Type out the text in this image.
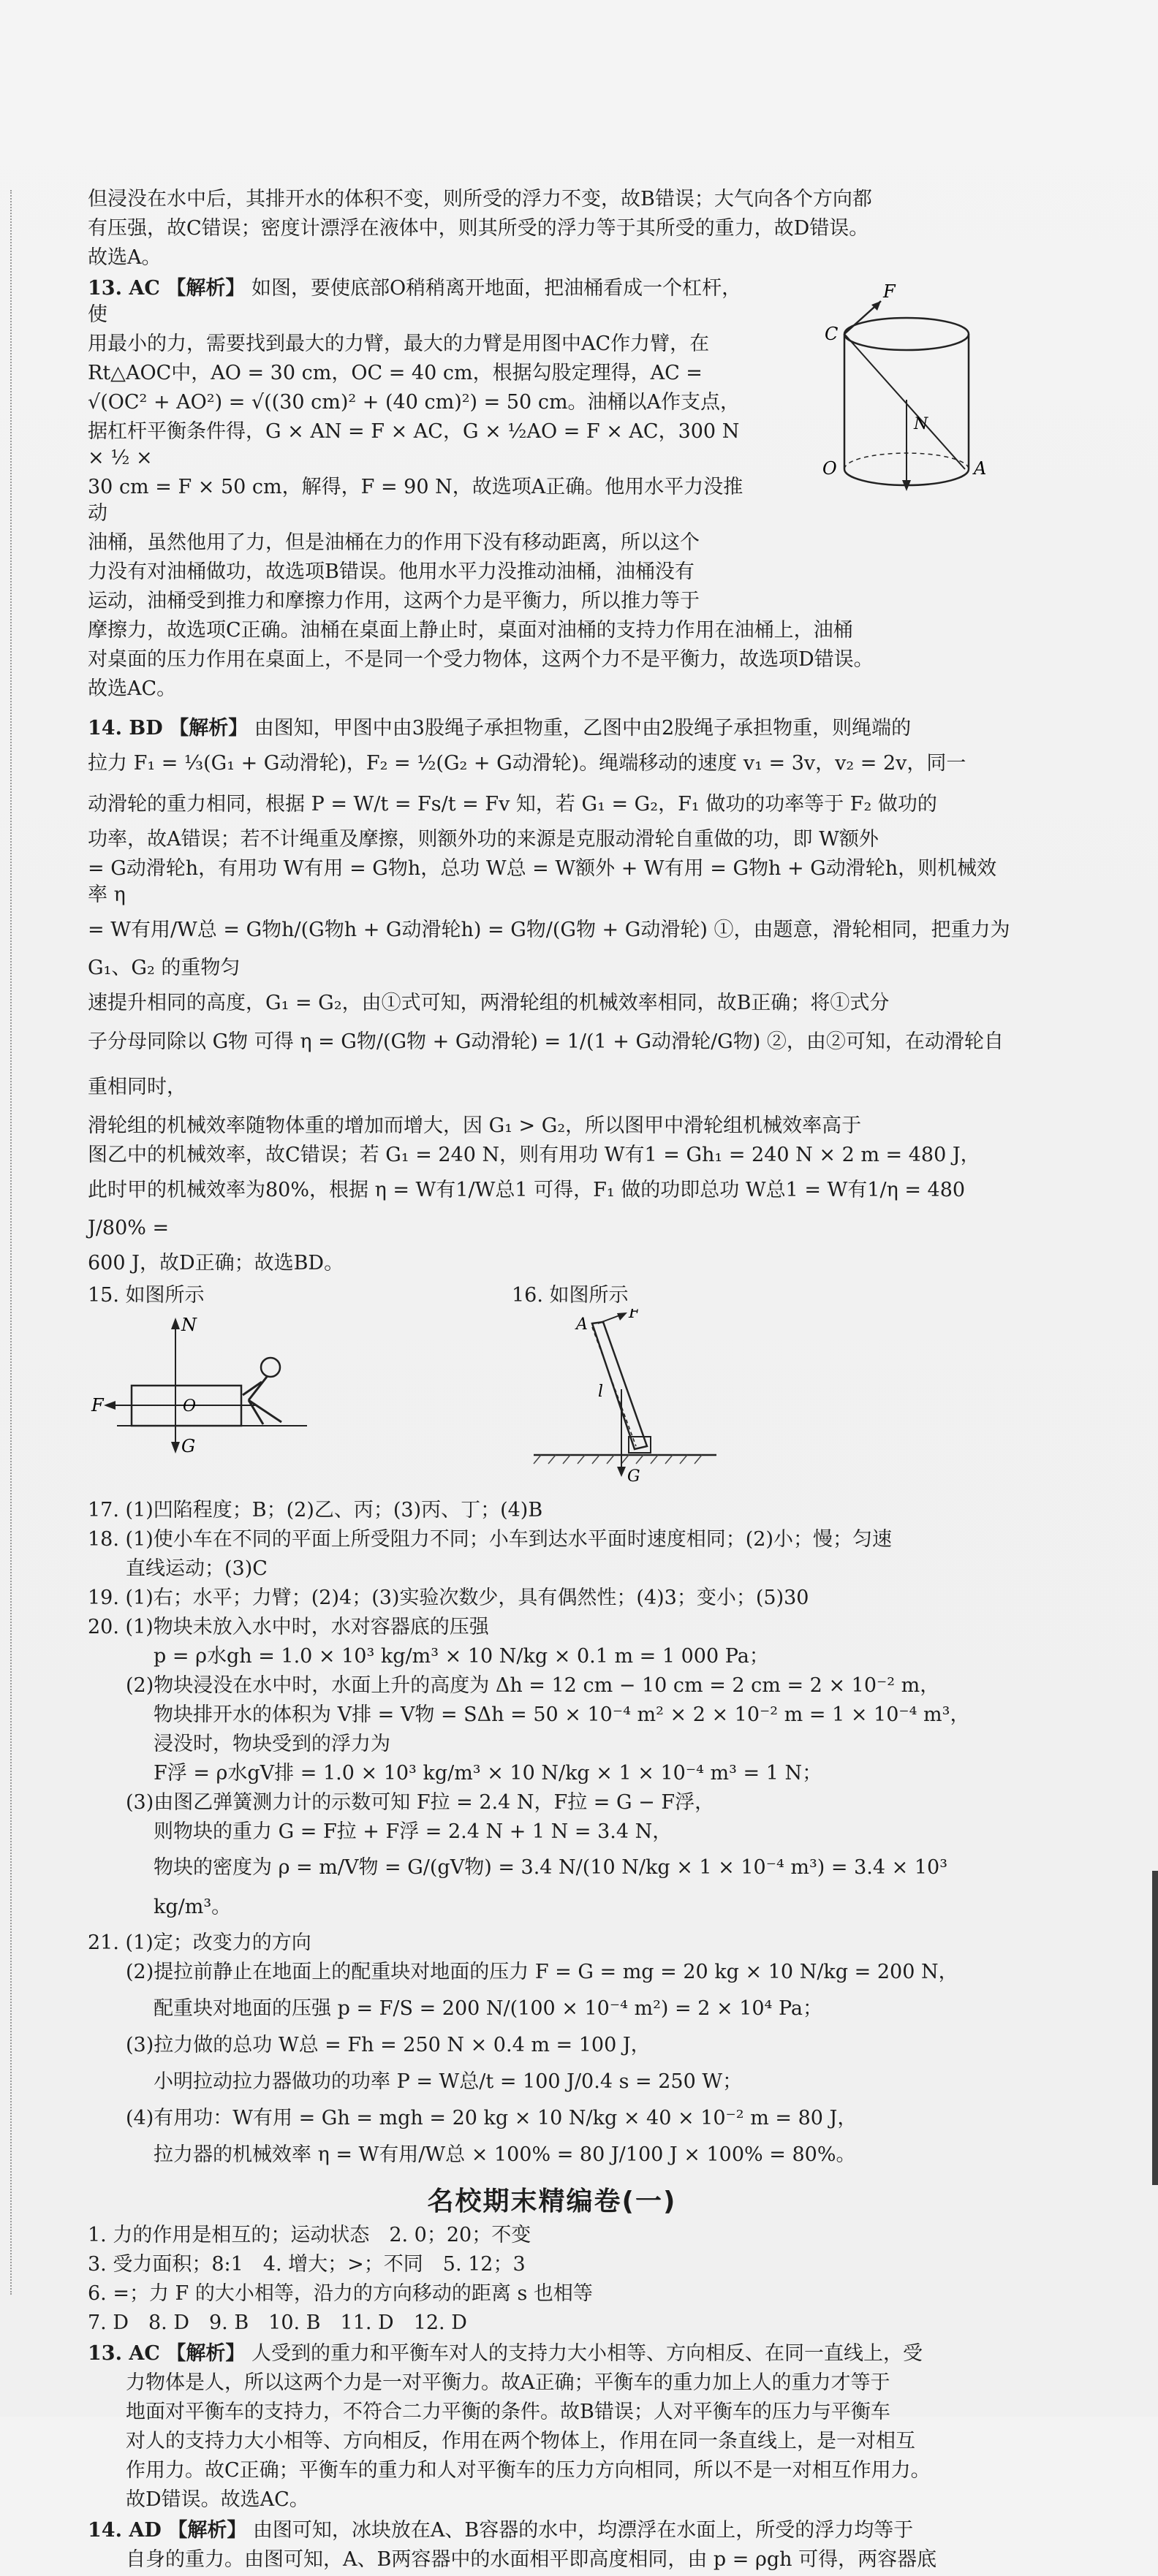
但浸没在水中后，其排开水的体积不变，则所受的浮力不变，故B错误；大气向各个方向都

有压强，故C错误；密度计漂浮在液体中，则其所受的浮力等于其所受的重力，故D错误。

故选A。

13. AC 【解析】 如图，要使底部O稍稍离开地面，把油桶看成一个杠杆，使

用最小的力，需要找到最大的力臂，最大的力臂是用图中AC作力臂，在

Rt△AOC中，AO = 30 cm，OC = 40 cm，根据勾股定理得，AC =

√(OC² + AO²) = √((30 cm)² + (40 cm)²) = 50 cm。油桶以A作支点，

据杠杆平衡条件得，G × AN = F × AC，G × ½AO = F × AC，300 N × ½ ×

30 cm = F × 50 cm，解得，F = 90 N，故选项A正确。他用水平力没推动

油桶，虽然他用了力，但是油桶在力的作用下没有移动距离，所以这个

力没有对油桶做功，故选项B错误。他用水平力没推动油桶，油桶没有

运动，油桶受到推力和摩擦力作用，这两个力是平衡力，所以推力等于

F
C
N
O	A

摩擦力，故选项C正确。油桶在桌面上静止时，桌面对油桶的支持力作用在油桶上，油桶

对桌面的压力作用在桌面上，不是同一个受力物体，这两个力不是平衡力，故选项D错误。

故选AC。

14. BD 【解析】 由图知，甲图中由3股绳子承担物重，乙图中由2股绳子承担物重，则绳端的

拉力 F₁ = ⅓(G₁ + G动滑轮)，F₂ = ½(G₂ + G动滑轮)。绳端移动的速度 v₁ = 3v，v₂ = 2v，同一

动滑轮的重力相同，根据 P = W/t = Fs/t = Fv 知，若 G₁ = G₂，F₁ 做功的功率等于 F₂ 做功的

功率，故A错误；若不计绳重及摩擦，则额外功的来源是克服动滑轮自重做的功，即 W额外

= G动滑轮h，有用功 W有用 = G物h，总功 W总 = W额外 + W有用 = G物h + G动滑轮h，则机械效率 η

= W有用/W总 = G物h/(G物h + G动滑轮h) = G物/(G物 + G动滑轮) ①，由题意，滑轮相同，把重力为 G₁、G₂ 的重物匀

速提升相同的高度，G₁ = G₂，由①式可知，两滑轮组的机械效率相同，故B正确；将①式分

子分母同除以 G物 可得 η = G物/(G物 + G动滑轮) = 1/(1 + G动滑轮/G物) ②，由②可知，在动滑轮自重相同时，

滑轮组的机械效率随物体重的增加而增大，因 G₁ > G₂，所以图甲中滑轮组机械效率高于

图乙中的机械效率，故C错误；若 G₁ = 240 N，则有用功 W有1 = Gh₁ = 240 N × 2 m = 480 J，

此时甲的机械效率为80%，根据 η = W有1/W总1 可得，F₁ 做的功即总功 W总1 = W有1/η = 480 J/80% =

600 J，故D正确；故选BD。

15. 如图所示
N
F	O
G
16. 如图所示
F
A
l
G

17. (1)凹陷程度；B；(2)乙、丙；(3)丙、丁；(4)B

18. (1)使小车在不同的平面上所受阻力不同；小车到达水平面时速度相同；(2)小；慢；匀速

直线运动；(3)C

19. (1)右；水平；力臂；(2)4；(3)实验次数少，具有偶然性；(4)3；变小；(5)30

20. (1)物块未放入水中时，水对容器底的压强

p = ρ水gh = 1.0 × 10³ kg/m³ × 10 N/kg × 0.1 m = 1 000 Pa；

(2)物块浸没在水中时，水面上升的高度为 Δh = 12 cm − 10 cm = 2 cm = 2 × 10⁻² m，

物块排开水的体积为 V排 = V物 = SΔh = 50 × 10⁻⁴ m² × 2 × 10⁻² m = 1 × 10⁻⁴ m³，

浸没时，物块受到的浮力为

F浮 = ρ水gV排 = 1.0 × 10³ kg/m³ × 10 N/kg × 1 × 10⁻⁴ m³ = 1 N；

(3)由图乙弹簧测力计的示数可知 F拉 = 2.4 N，F拉 = G − F浮，

则物块的重力 G = F拉 + F浮 = 2.4 N + 1 N = 3.4 N，

物块的密度为 ρ = m/V物 = G/(gV物) = 3.4 N/(10 N/kg × 1 × 10⁻⁴ m³) = 3.4 × 10³ kg/m³。

21. (1)定；改变力的方向

(2)提拉前静止在地面上的配重块对地面的压力 F = G = mg = 20 kg × 10 N/kg = 200 N，

配重块对地面的压强 p = F/S = 200 N/(100 × 10⁻⁴ m²) = 2 × 10⁴ Pa；

(3)拉力做的总功 W总 = Fh = 250 N × 0.4 m = 100 J，

小明拉动拉力器做功的功率 P = W总/t = 100 J/0.4 s = 250 W；

(4)有用功：W有用 = Gh = mgh = 20 kg × 10 N/kg × 40 × 10⁻² m = 80 J，

拉力器的机械效率 η = W有用/W总 × 100% = 80 J/100 J × 100% = 80%。

名校期末精编卷(一)

1. 力的作用是相互的；运动状态　2. 0；20；不变

3. 受力面积；8:1　4. 增大；>；不同　5. 12；3

6. =；力 F 的大小相等，沿力的方向移动的距离 s 也相等

7. D　8. D　9. B　10. B　11. D　12. D

13. AC 【解析】 人受到的重力和平衡车对人的支持力大小相等、方向相反、在同一直线上，受

力物体是人，所以这两个力是一对平衡力。故A正确；平衡车的重力加上人的重力才等于

地面对平衡车的支持力，不符合二力平衡的条件。故B错误；人对平衡车的压力与平衡车

对人的支持力大小相等、方向相反，作用在两个物体上，作用在同一条直线上，是一对相互

作用力。故C正确；平衡车的重力和人对平衡车的压力方向相同，所以不是一对相互作用力。

故D错误。故选AC。

14. AD 【解析】 由图可知，冰块放在A、B容器的水中，均漂浮在水面上，所受的浮力均等于

自身的重力。由图可知，A、B两容器中的水面相平即高度相同，由 p = ρgh 可得，两容器底
